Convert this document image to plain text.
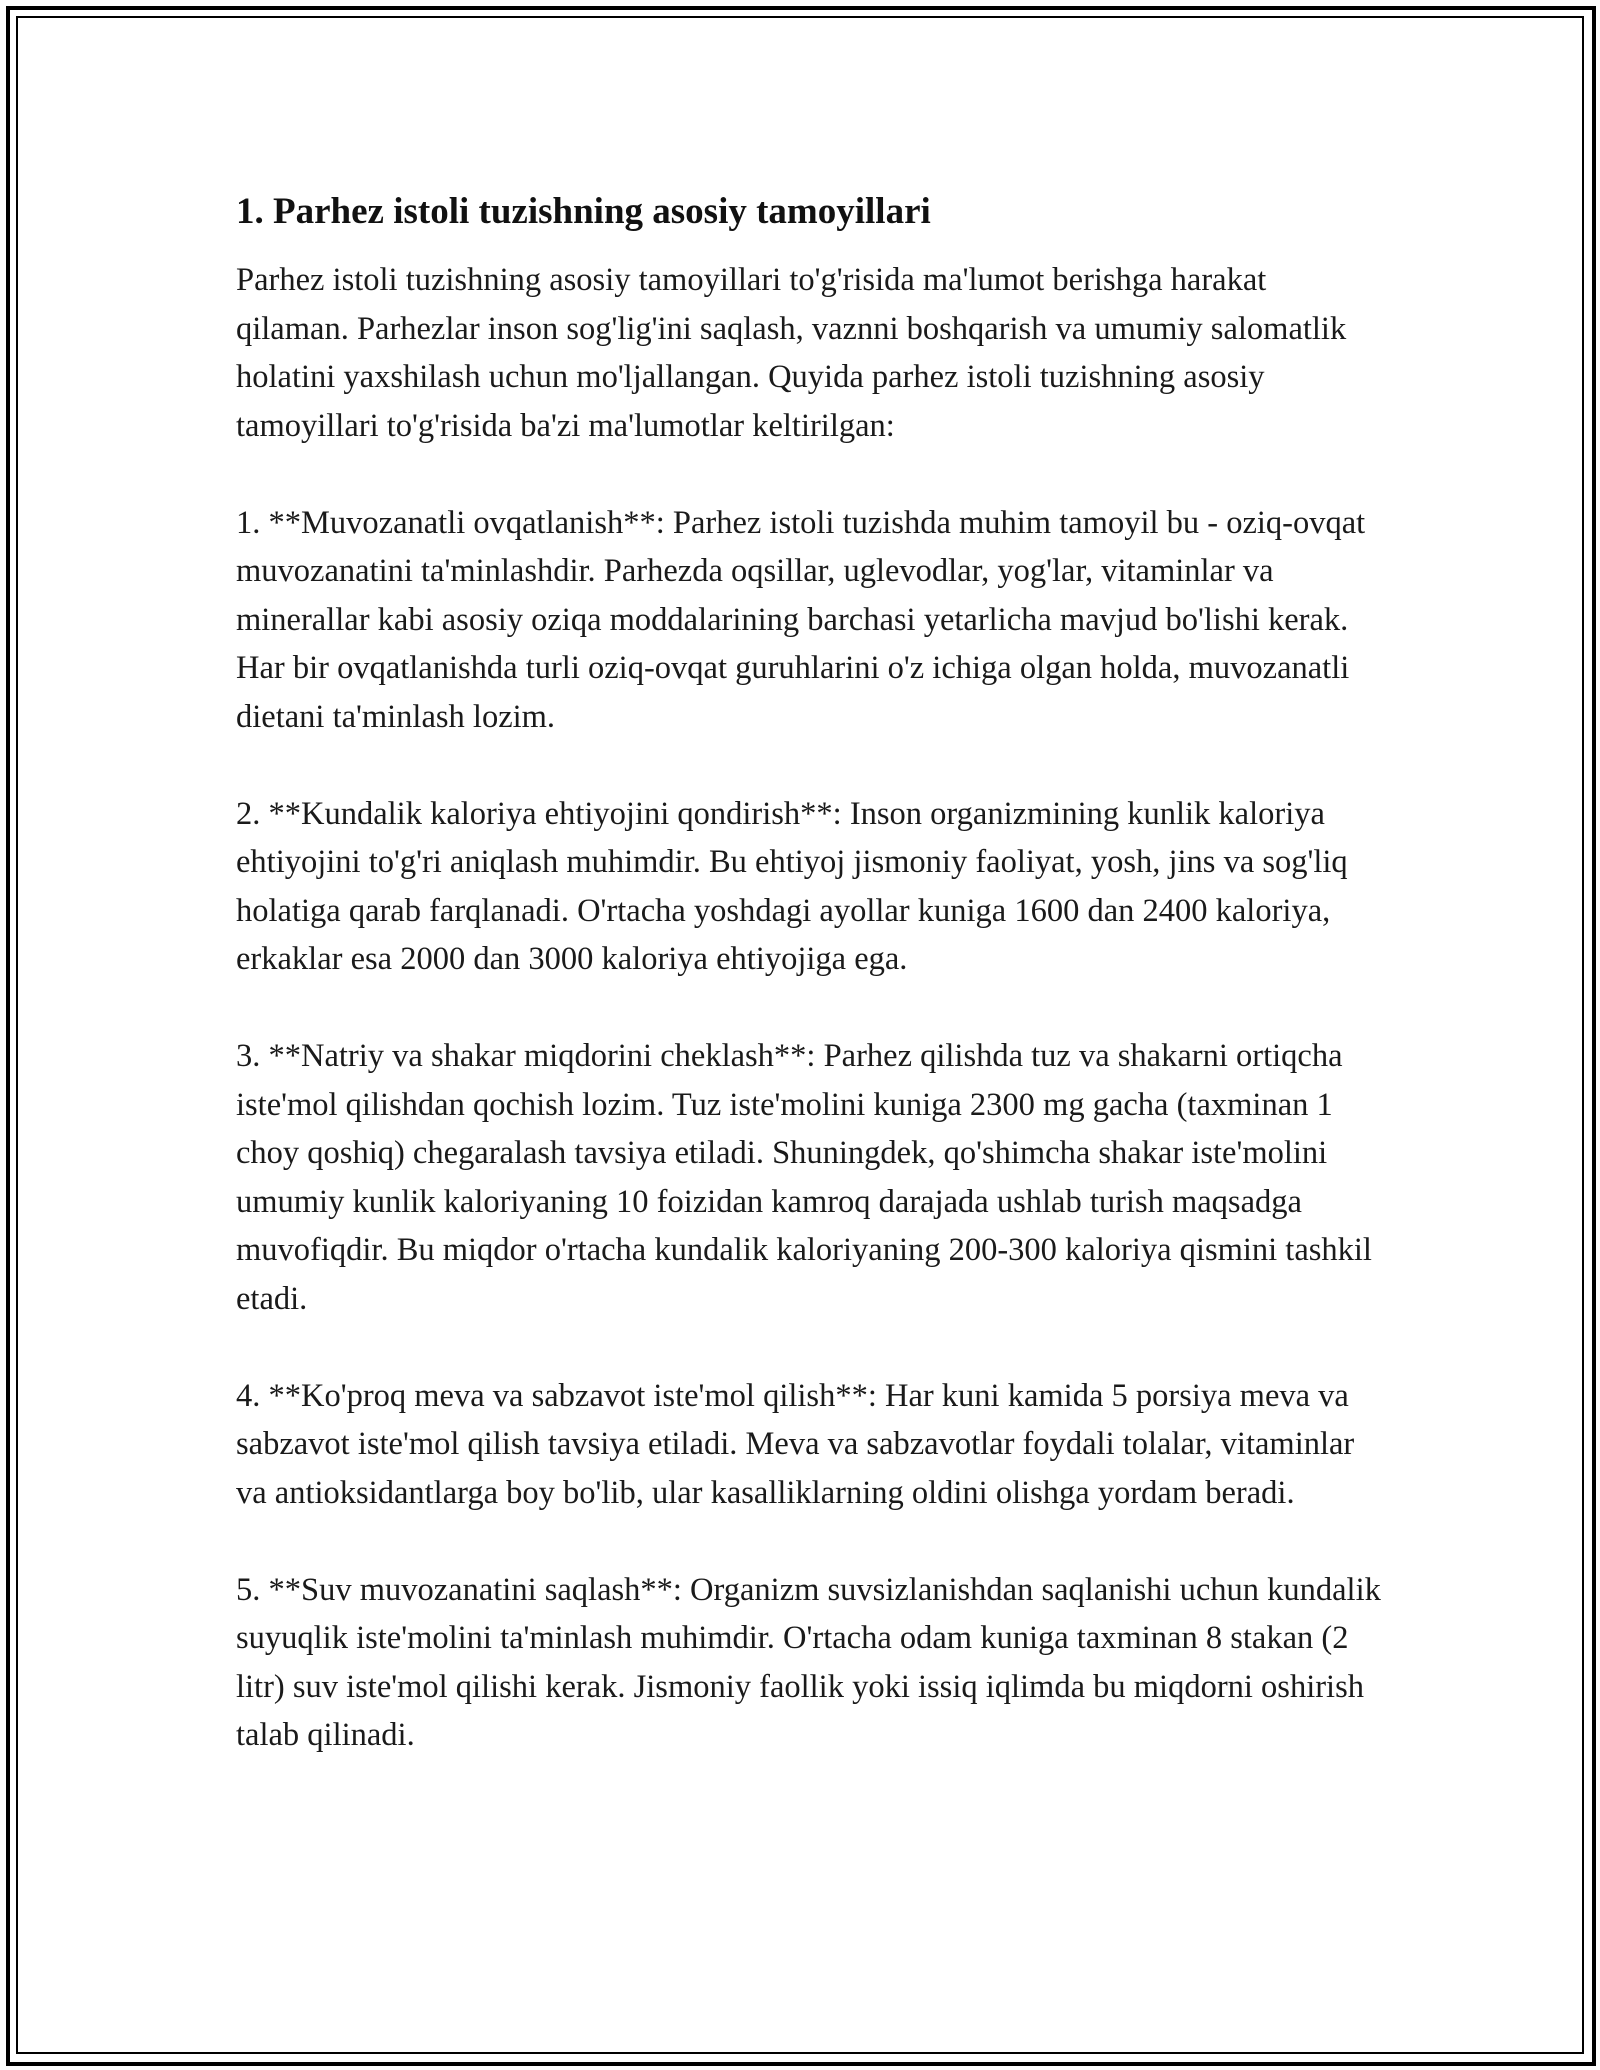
1. Parhez istoli tuzishning asosiy tamoyillari

Parhez istoli tuzishning asosiy tamoyillari to'g'risida ma'lumot berishga harakat qilaman. Parhezlar inson sog'lig'ini saqlash, vaznni boshqarish va umumiy salomatlik holatini yaxshilash uchun mo'ljallangan. Quyida parhez istoli tuzishning asosiy tamoyillari to'g'risida ba'zi ma'lumotlar keltirilgan:

1. **Muvozanatli ovqatlanish**: Parhez istoli tuzishda muhim tamoyil bu - oziq-ovqat muvozanatini ta'minlashdir. Parhezda oqsillar, uglevodlar, yog'lar, vitaminlar va minerallar kabi asosiy oziqa moddalarining barchasi yetarlicha mavjud bo'lishi kerak. Har bir ovqatlanishda turli oziq-ovqat guruhlarini o'z ichiga olgan holda, muvozanatli dietani ta'minlash lozim.

2. **Kundalik kaloriya ehtiyojini qondirish**: Inson organizmining kunlik kaloriya ehtiyojini to'g'ri aniqlash muhimdir. Bu ehtiyoj jismoniy faoliyat, yosh, jins va sog'liq holatiga qarab farqlanadi. O'rtacha yoshdagi ayollar kuniga 1600 dan 2400 kaloriya, erkaklar esa 2000 dan 3000 kaloriya ehtiyojiga ega.

3. **Natriy va shakar miqdorini cheklash**: Parhez qilishda tuz va shakarni ortiqcha iste'mol qilishdan qochish lozim. Tuz iste'molini kuniga 2300 mg gacha (taxminan 1 choy qoshiq) chegaralash tavsiya etiladi. Shuningdek, qo'shimcha shakar iste'molini umumiy kunlik kaloriyaning 10 foizidan kamroq darajada ushlab turish maqsadga muvofiqdir. Bu miqdor o'rtacha kundalik kaloriyaning 200-300 kaloriya qismini tashkil etadi.

4. **Ko'proq meva va sabzavot iste'mol qilish**: Har kuni kamida 5 porsiya meva va sabzavot iste'mol qilish tavsiya etiladi. Meva va sabzavotlar foydali tolalar, vitaminlar va antioksidantlarga boy bo'lib, ular kasalliklarning oldini olishga yordam beradi.

5. **Suv muvozanatini saqlash**: Organizm suvsizlanishdan saqlanishi uchun kundalik suyuqlik iste'molini ta'minlash muhimdir. O'rtacha odam kuniga taxminan 8 stakan (2 litr) suv iste'mol qilishi kerak. Jismoniy faollik yoki issiq iqlimda bu miqdorni oshirish talab qilinadi.
